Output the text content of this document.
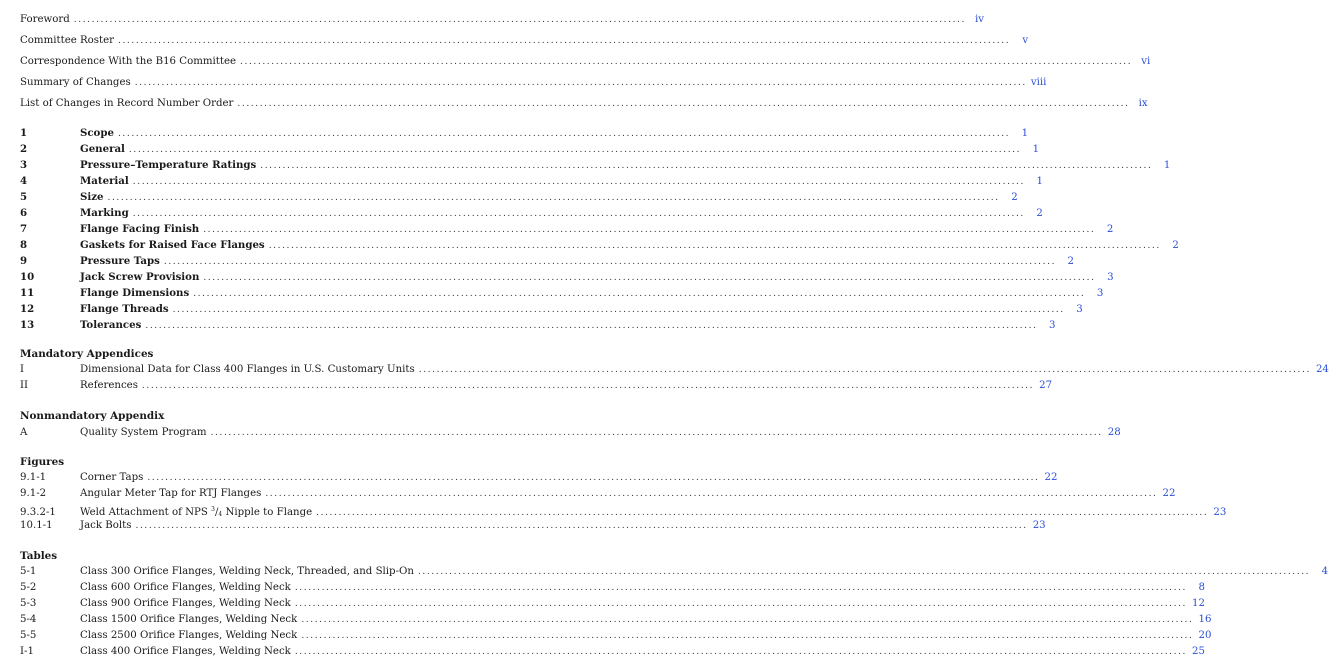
Foreword ........................................................................................................................................................................................................ iv
Committee Roster ........................................................................................................................................................................................................	v
Correspondence With the B16 Committee ........................................................................................................................................................................................................ vi
Summary of Changes ........................................................................................................................................................................................................ viii
List of Changes in Record Number Order ........................................................................................................................................................................................................ ix
1	Scope ........................................................................................................................................................................................................	1
2	General ........................................................................................................................................................................................................	1
3	Pressure–Temperature Ratings ........................................................................................................................................................................................................	1
4	Material ........................................................................................................................................................................................................	1
5	Size ........................................................................................................................................................................................................	2
6	Marking ........................................................................................................................................................................................................	2
7	Flange Facing Finish ........................................................................................................................................................................................................	2
8	Gaskets for Raised Face Flanges ........................................................................................................................................................................................................	2
9	Pressure Taps ........................................................................................................................................................................................................	2
10	Jack Screw Provision ........................................................................................................................................................................................................	3
11	Flange Dimensions ........................................................................................................................................................................................................	3
12	Flange Threads ........................................................................................................................................................................................................	3
13	Tolerances ........................................................................................................................................................................................................	3
Mandatory Appendices
I	Dimensional Data for Class 400 Flanges in U.S. Customary Units ........................................................................................................................................................................................................ 24
II	References ........................................................................................................................................................................................................ 27
Nonmandatory Appendix
A	Quality System Program ........................................................................................................................................................................................................ 28
Figures
9.1-1	Corner Taps ........................................................................................................................................................................................................ 22
9.1-2	Angular Meter Tap for RTJ Flanges ........................................................................................................................................................................................................ 22
9.3.2-1	Weld Attachment of NPS $^3/_4$ Nipple to Flange ........................................................................................................................................................................................................ 23
10.1-1	Jack Bolts ........................................................................................................................................................................................................ 23
Tables
5-1	Class 300 Orifice Flanges, Welding Neck, Threaded, and Slip-On ........................................................................................................................................................................................................	4
5-2	Class 600 Orifice Flanges, Welding Neck ........................................................................................................................................................................................................	8
5-3	Class 900 Orifice Flanges, Welding Neck ........................................................................................................................................................................................................ 12
5-4	Class 1500 Orifice Flanges, Welding Neck ........................................................................................................................................................................................................ 16
5-5	Class 2500 Orifice Flanges, Welding Neck ........................................................................................................................................................................................................ 20
I-1	Class 400 Orifice Flanges, Welding Neck ........................................................................................................................................................................................................ 25
